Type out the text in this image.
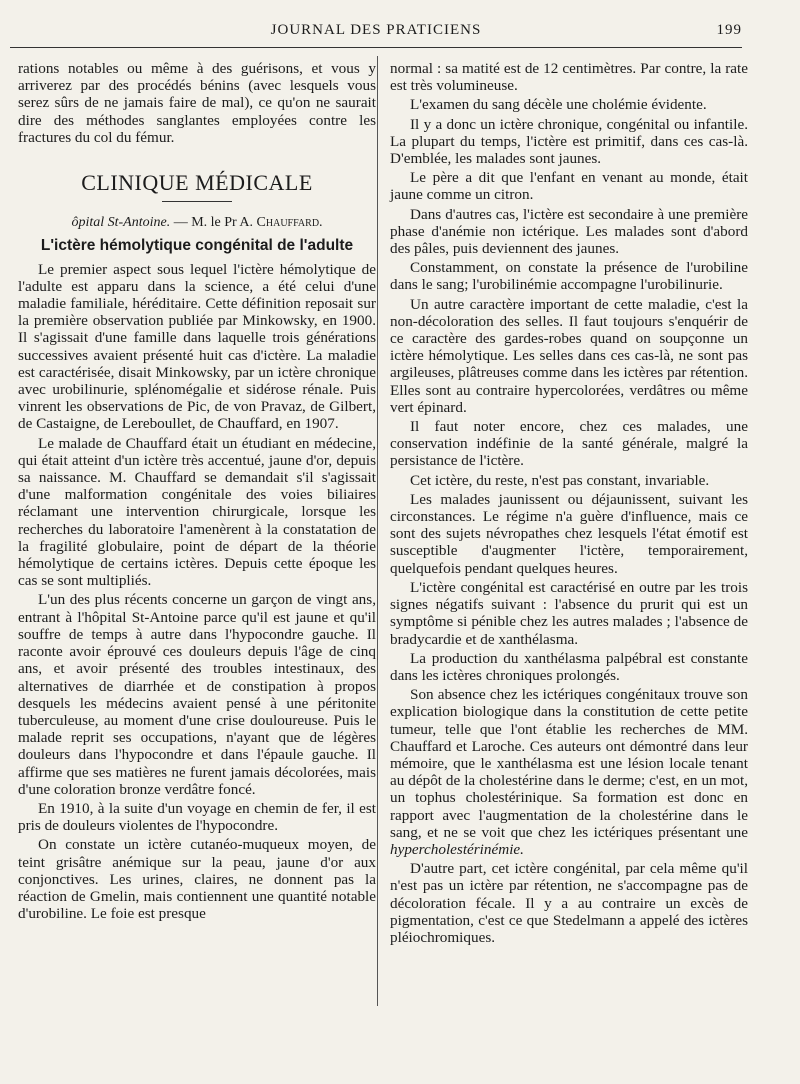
JOURNAL DES PRATICIENS	199

rations notables ou même à des guérisons, et vous y arriverez par des procédés bénins (avec lesquels vous serez sûrs de ne jamais faire de mal), ce qu'on ne saurait dire des méthodes sanglantes employées contre les fractures du col du fémur.

CLINIQUE MÉDICALE
ôpital St-Antoine. — M. le Pr A. Chauffard.
L'ictère hémolytique congénital de l'adulte

Le premier aspect sous lequel l'ictère hémolytique de l'adulte est apparu dans la science, a été celui d'une maladie familiale, héréditaire. Cette définition reposait sur la première observation publiée par Minkowsky, en 1900. Il s'agissait d'une famille dans laquelle trois générations successives avaient présenté huit cas d'ictère. La maladie est caractérisée, disait Minkowsky, par un ictère chronique avec urobilinurie, splénomégalie et sidérose rénale. Puis vinrent les observations de Pic, de von Pravaz, de Gilbert, de Castaigne, de Lereboullet, de Chauffard, en 1907.

Le malade de Chauffard était un étudiant en médecine, qui était atteint d'un ictère très accentué, jaune d'or, depuis sa naissance. M. Chauffard se demandait s'il s'agissait d'une malformation congénitale des voies biliaires réclamant une intervention chirurgicale, lorsque les recherches du laboratoire l'amenèrent à la constatation de la fragilité globulaire, point de départ de la théorie hémolytique de certains ictères. Depuis cette époque les cas se sont multipliés.

L'un des plus récents concerne un garçon de vingt ans, entrant à l'hôpital St-Antoine parce qu'il est jaune et qu'il souffre de temps à autre dans l'hypocondre gauche. Il raconte avoir éprouvé ces douleurs depuis l'âge de cinq ans, et avoir présenté des troubles intestinaux, des alternatives de diarrhée et de constipation à propos desquels les médecins avaient pensé à une péritonite tuberculeuse, au moment d'une crise douloureuse. Puis le malade reprit ses occupations, n'ayant que de légères douleurs dans l'hypocondre et dans l'épaule gauche. Il affirme que ses matières ne furent jamais décolorées, mais d'une coloration bronze verdâtre foncé.

En 1910, à la suite d'un voyage en chemin de fer, il est pris de douleurs violentes de l'hypocondre.

On constate un ictère cutanéo-muqueux moyen, de teint grisâtre anémique sur la peau, jaune d'or aux conjonctives. Les urines, claires, ne donnent pas la réaction de Gmelin, mais contiennent une quantité notable d'urobiline. Le foie est presque

normal : sa matité est de 12 centimètres. Par contre, la rate est très volumineuse.

L'examen du sang décèle une cholémie évidente.

Il y a donc un ictère chronique, congénital ou infantile. La plupart du temps, l'ictère est primitif, dans ces cas-là. D'emblée, les malades sont jaunes.

Le père a dit que l'enfant en venant au monde, était jaune comme un citron.

Dans d'autres cas, l'ictère est secondaire à une première phase d'anémie non ictérique. Les malades sont d'abord des pâles, puis deviennent des jaunes.

Constamment, on constate la présence de l'urobiline dans le sang; l'urobilinémie accompagne l'urobilinurie.

Un autre caractère important de cette maladie, c'est la non-décoloration des selles. Il faut toujours s'enquérir de ce caractère des gardes-robes quand on soupçonne un ictère hémolytique. Les selles dans ces cas-là, ne sont pas argileuses, plâtreuses comme dans les ictères par rétention. Elles sont au contraire hypercolorées, verdâtres ou même vert épinard.

Il faut noter encore, chez ces malades, une conservation indéfinie de la santé générale, malgré la persistance de l'ictère.

Cet ictère, du reste, n'est pas constant, invariable.

Les malades jaunissent ou déjaunissent, suivant les circonstances. Le régime n'a guère d'influence, mais ce sont des sujets névropathes chez lesquels l'état émotif est susceptible d'augmenter l'ictère, temporairement, quelquefois pendant quelques heures.

L'ictère congénital est caractérisé en outre par les trois signes négatifs suivant : l'absence du prurit qui est un symptôme si pénible chez les autres malades ; l'absence de bradycardie et de xanthélasma.

La production du xanthélasma palpébral est constante dans les ictères chroniques prolongés.

Son absence chez les ictériques congénitaux trouve son explication biologique dans la constitution de cette petite tumeur, telle que l'ont établie les recherches de MM. Chauffard et Laroche. Ces auteurs ont démontré dans leur mémoire, que le xanthélasma est une lésion locale tenant au dépôt de la cholestérine dans le derme; c'est, en un mot, un tophus cholestérinique. Sa formation est donc en rapport avec l'augmentation de la cholestérine dans le sang, et ne se voit que chez les ictériques présentant une hypercholestérinémie.

D'autre part, cet ictère congénital, par cela même qu'il n'est pas un ictère par rétention, ne s'accompagne pas de décoloration fécale. Il y a au contraire un excès de pigmentation, c'est ce que Stedelmann a appelé des ictères pléiochromiques.
